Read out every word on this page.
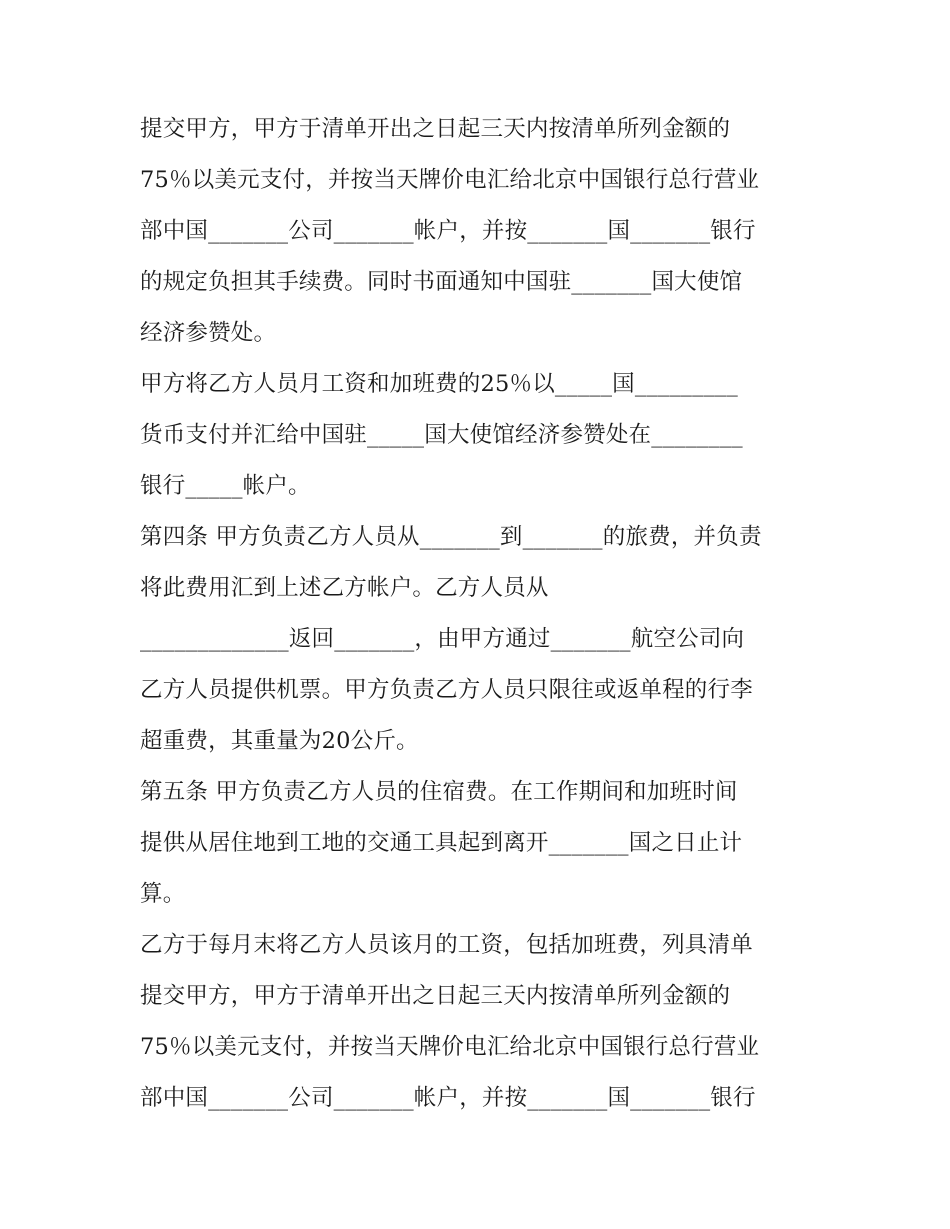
提交甲方，甲方于清单开出之日起三天内按清单所列金额的
75％以美元支付，并按当天牌价电汇给北京中国银行总行营业
部中国_______公司_______帐户，并按_______国_______银行
的规定负担其手续费。同时书面通知中国驻_______国大使馆
经济参赞处。
甲方将乙方人员月工资和加班费的25％以_____国_________
货币支付并汇给中国驻_____国大使馆经济参赞处在________
银行_____帐户。
第四条 甲方负责乙方人员从_______到_______的旅费，并负责
将此费用汇到上述乙方帐户。乙方人员从
_____________返回_______，由甲方通过_______航空公司向
乙方人员提供机票。甲方负责乙方人员只限往或返单程的行李
超重费，其重量为20公斤。
第五条 甲方负责乙方人员的住宿费。在工作期间和加班时间
提供从居住地到工地的交通工具起到离开_______国之日止计
算。
乙方于每月末将乙方人员该月的工资，包括加班费，列具清单
提交甲方，甲方于清单开出之日起三天内按清单所列金额的
75％以美元支付，并按当天牌价电汇给北京中国银行总行营业
部中国_______公司_______帐户，并按_______国_______银行
